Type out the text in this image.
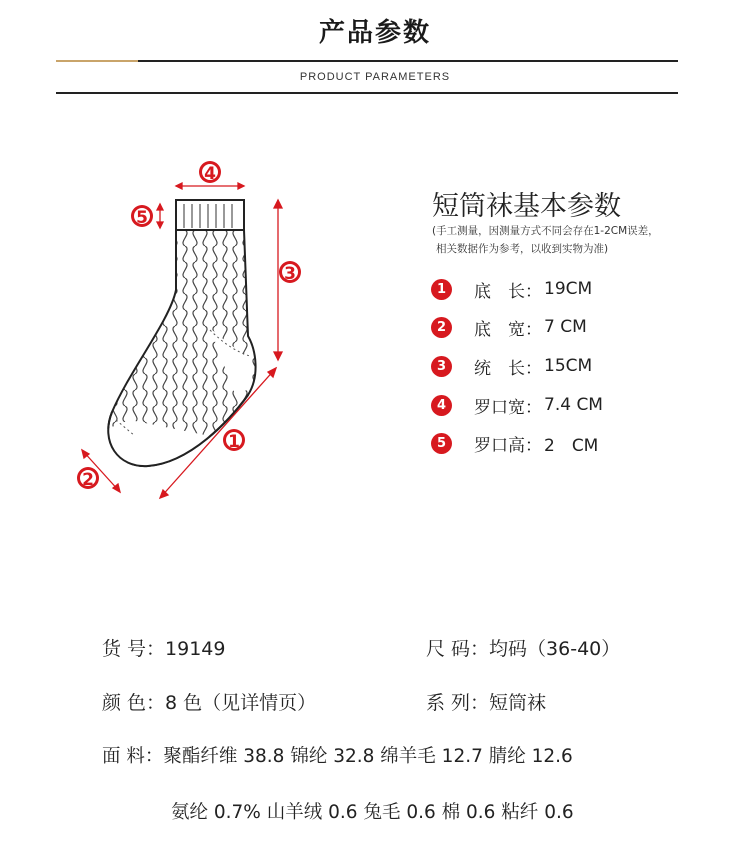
产品参数
PRODUCT PARAMETERS
4
5
3
1
2
短筒袜基本参数
(手工测量，因测量方式不同会存在1-2CM误差，
相关数据作为参考，以收到实物为准)
1	底　长： 19CM
2	底　宽： 7 CM
3	统　长： 15CM
4	罗口宽： 7.4 CM
5	罗口高： 2　CM
货 号：19149	尺 码：均码（36-40）
颜 色：8 色（见详情页）	系 列：短筒袜
面 料：聚酯纤维 38.8 锦纶 32.8 绵羊毛 12.7 腈纶 12.6
氨纶 0.7% 山羊绒 0.6 兔毛 0.6 棉 0.6 粘纤 0.6
